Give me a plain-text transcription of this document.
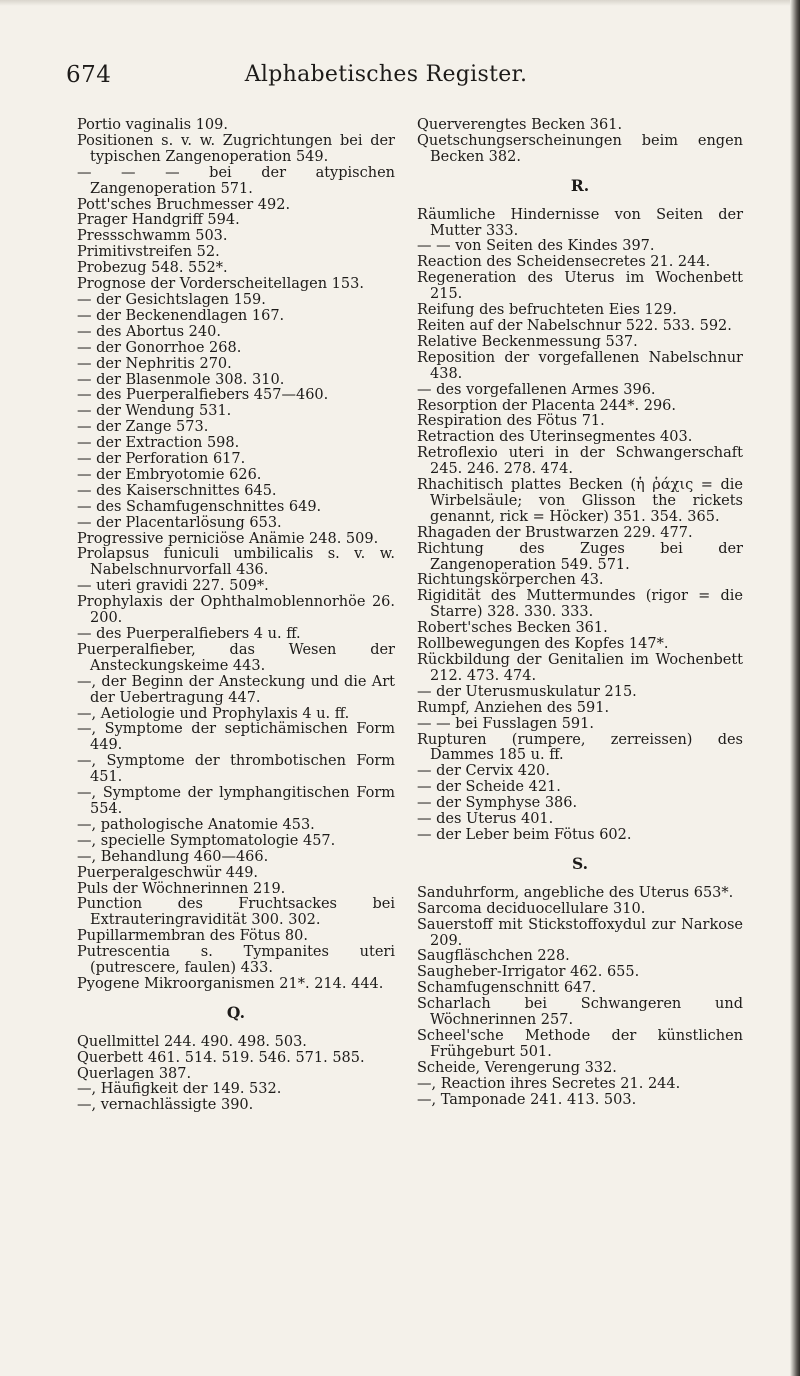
674	Alphabetisches Register.
Portio vaginalis 109.
Positionen s. v. w. Zugrichtungen bei der typischen Zangenoperation 549.
— — — bei der atypischen Zangenoperation 571.
Pott'sches Bruchmesser 492.
Prager Handgriff 594.
Pressschwamm 503.
Primitivstreifen 52.
Probezug 548. 552*.
Prognose der Vorderscheitellagen 153.
— der Gesichtslagen 159.
— der Beckenendlagen 167.
— des Abortus 240.
— der Gonorrhoe 268.
— der Nephritis 270.
— der Blasenmole 308. 310.
— des Puerperalfiebers 457—460.
— der Wendung 531.
— der Zange 573.
— der Extraction 598.
— der Perforation 617.
— der Embryotomie 626.
— des Kaiserschnittes 645.
— des Schamfugenschnittes 649.
— der Placentarlösung 653.
Progressive perniciöse Anämie 248. 509.
Prolapsus funiculi umbilicalis s. v. w. Nabelschnurvorfall 436.
— uteri gravidi 227. 509*.
Prophylaxis der Ophthalmoblennorhöe 26. 200.
— des Puerperalfiebers 4 u. ff.
Puerperalfieber, das Wesen der Ansteckungskeime 443.
—, der Beginn der Ansteckung und die Art der Uebertragung 447.
—, Aetiologie und Prophylaxis 4 u. ff.
—, Symptome der septichämischen Form 449.
—, Symptome der thrombotischen Form 451.
—, Symptome der lymphangitischen Form 554.
—, pathologische Anatomie 453.
—, specielle Symptomatologie 457.
—, Behandlung 460—466.
Puerperalgeschwür 449.
Puls der Wöchnerinnen 219.
Punction des Fruchtsackes bei Extrauteringravidität 300. 302.
Pupillarmembran des Fötus 80.
Putrescentia s. Tympanites uteri (putrescere, faulen) 433.
Pyogene Mikroorganismen 21*. 214. 444.
Q.
Quellmittel 244. 490. 498. 503.
Querbett 461. 514. 519. 546. 571. 585.
Querlagen 387.
—, Häufigkeit der 149. 532.
—, vernachlässigte 390.
Querverengtes Becken 361.
Quetschungserscheinungen beim engen Becken 382.
R.
Räumliche Hindernisse von Seiten der Mutter 333.
— — von Seiten des Kindes 397.
Reaction des Scheidensecretes 21. 244.
Regeneration des Uterus im Wochenbett 215.
Reifung des befruchteten Eies 129.
Reiten auf der Nabelschnur 522. 533. 592.
Relative Beckenmessung 537.
Reposition der vorgefallenen Nabelschnur 438.
— des vorgefallenen Armes 396.
Resorption der Placenta 244*. 296.
Respiration des Fötus 71.
Retraction des Uterinsegmentes 403.
Retroflexio uteri in der Schwangerschaft 245. 246. 278. 474.
Rhachitisch plattes Becken (ἡ ῥάχις = die Wirbelsäule; von Glisson the rickets genannt, rick = Höcker) 351. 354. 365.
Rhagaden der Brustwarzen 229. 477.
Richtung des Zuges bei der Zangenoperation 549. 571.
Richtungskörperchen 43.
Rigidität des Muttermundes (rigor = die Starre) 328. 330. 333.
Robert'sches Becken 361.
Rollbewegungen des Kopfes 147*.
Rückbildung der Genitalien im Wochenbett 212. 473. 474.
— der Uterusmuskulatur 215.
Rumpf, Anziehen des 591.
— — bei Fusslagen 591.
Rupturen (rumpere, zerreissen) des Dammes 185 u. ff.
— der Cervix 420.
— der Scheide 421.
— der Symphyse 386.
— des Uterus 401.
— der Leber beim Fötus 602.
S.
Sanduhrform, angebliche des Uterus 653*.
Sarcoma deciduocellulare 310.
Sauerstoff mit Stickstoffoxydul zur Narkose 209.
Saugfläschchen 228.
Saugheber-Irrigator 462. 655.
Schamfugenschnitt 647.
Scharlach bei Schwangeren und Wöchnerinnen 257.
Scheel'sche Methode der künstlichen Frühgeburt 501.
Scheide, Verengerung 332.
—, Reaction ihres Secretes 21. 244.
—, Tamponade 241. 413. 503.
